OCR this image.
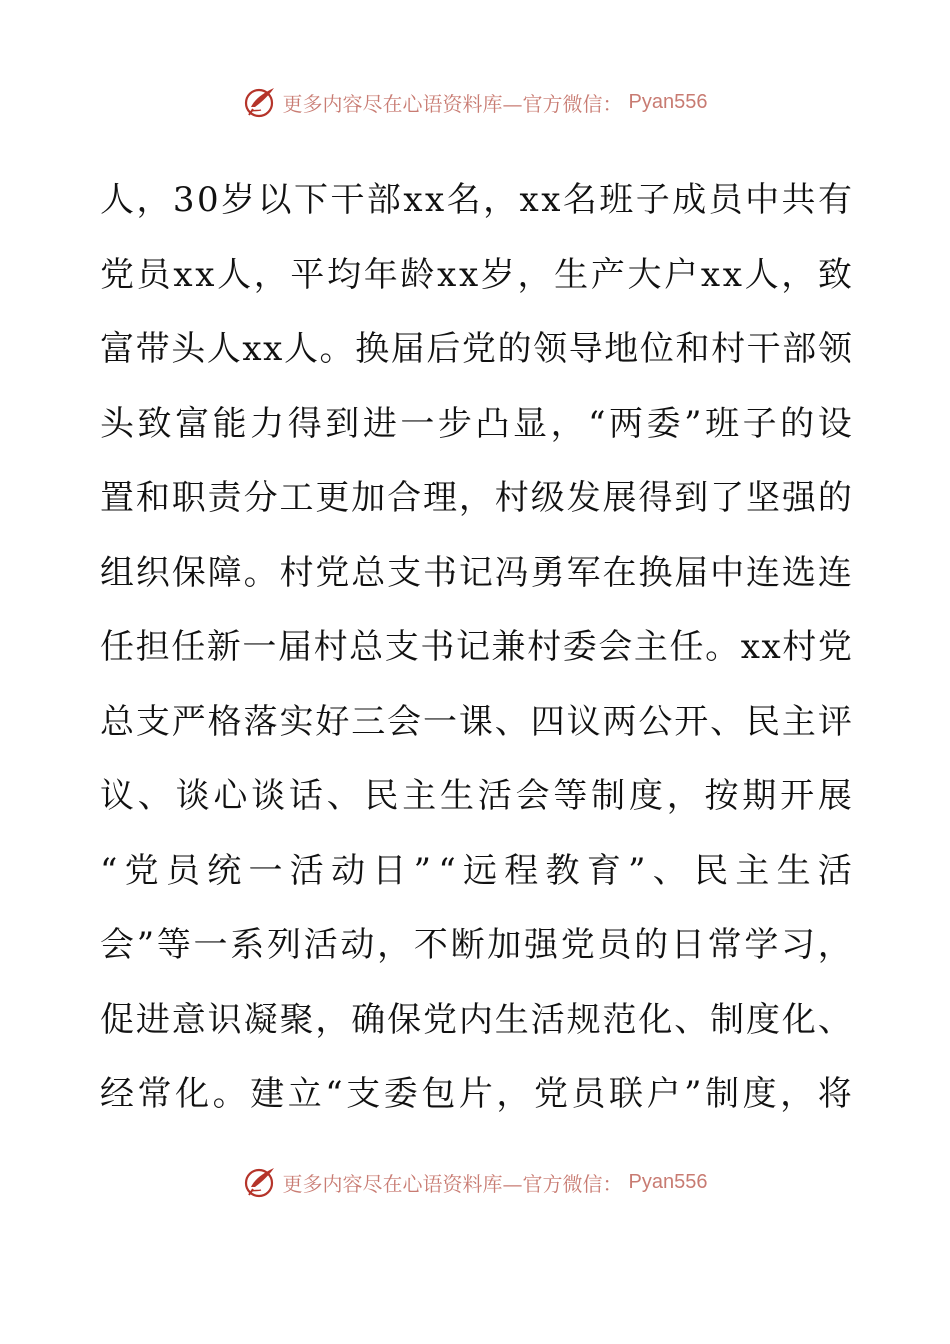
更多内容尽在心语资料库—官方微信： Pyan556
人 ， 3 0 岁 以 下 干 部 x x 名 ， x x 名 班 子 成 员 中 共 有
党 员 x x 人 ， 平 均 年 龄 x x 岁 ， 生 产 大 户 x x 人 ， 致
富 带 头 人 x x 人 。 换 届 后 党 的 领 导 地 位 和 村 干 部 领
头 致 富 能 力 得 到 进 一 步 凸 显 ， “ 两 委 ” 班 子 的 设
置 和 职 责 分 工 更 加 合 理 ， 村 级 发 展 得 到 了 坚 强 的
组 织 保 障 。 村 党 总 支 书 记 冯 勇 军 在 换 届 中 连 选 连
任 担 任 新 一 届 村 总 支 书 记 兼 村 委 会 主 任 。 x x 村 党
总 支 严 格 落 实 好 三 会 一 课 、 四 议 两 公 开 、 民 主 评
议 、 谈 心 谈 话 、 民 主 生 活 会 等 制 度 ， 按 期 开 展
“ 党 员 统 一 活 动 日 ” “ 远 程 教 育 ” 、 民 主 生 活
会 ” 等 一 系 列 活 动 ， 不 断 加 强 党 员 的 日 常 学 习 ，
促 进 意 识 凝 聚 ， 确 保 党 内 生 活 规 范 化 、 制 度 化 、
经 常 化 。 建 立 “ 支 委 包 片 ， 党 员 联 户 ” 制 度 ， 将
更多内容尽在心语资料库—官方微信： Pyan556
